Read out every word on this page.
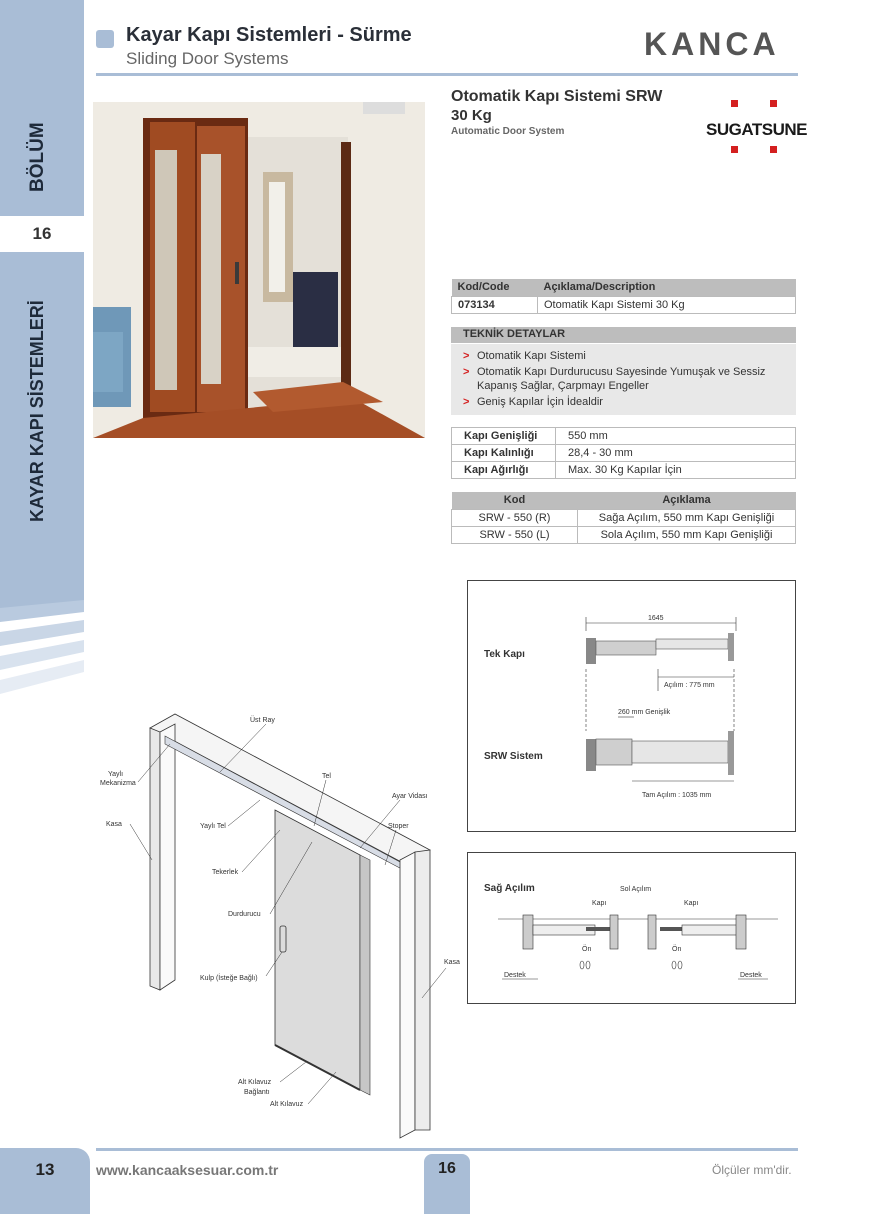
BÖLÜM
16
KAYAR KAPI SİSTEMLERİ
Kayar Kapı Sistemleri - Sürme
Sliding Door Systems	KANCA
Otomatik Kapı Sistemi SRW
30 Kg
Automatic Door System	SUGATSUNE
Kod/Code	Açıklama/Description
073134	Otomatik Kapı Sistemi 30 Kg
TEKNİK DETAYLAR
> Otomatik Kapı Sistemi
> Otomatik Kapı Durdurucusu Sayesinde Yumuşak ve Sessiz Kapanış Sağlar, Çarpmayı Engeller
> Geniş Kapılar İçin İdealdir
Kapı Genişliği	550 mm
Kapı Kalınlığı	28,4 - 30 mm
Kapı Ağırlığı	Max. 30 Kg Kapılar İçin
Kod	Açıklama
SRW - 550 (R)	Sağa Açılım, 550 mm Kapı Genişliği
SRW - 550 (L)	Sola Açılım, 550 mm Kapı Genişliği
Tek Kapı
1645
Açılım : 775 mm
260 mm Genişlik
SRW Sistem
Tam Açılım : 1035 mm
Sağ Açılım	Sol Açılım
Kapı	Kapı
Ön	Ön
Destek	Destek
Üst Ray
Yaylı
Mekanizma
Tel
Ayar Vidası
Kasa	Yaylı Tel	Stoper
Tekerlek
Durdurucu
Kasa
Kulp (İsteğe Bağlı)
Alt Kılavuz
Bağlantı
Alt Kılavuz
13	www.kancaaksesuar.com.tr	16	Ölçüler mm'dir.
